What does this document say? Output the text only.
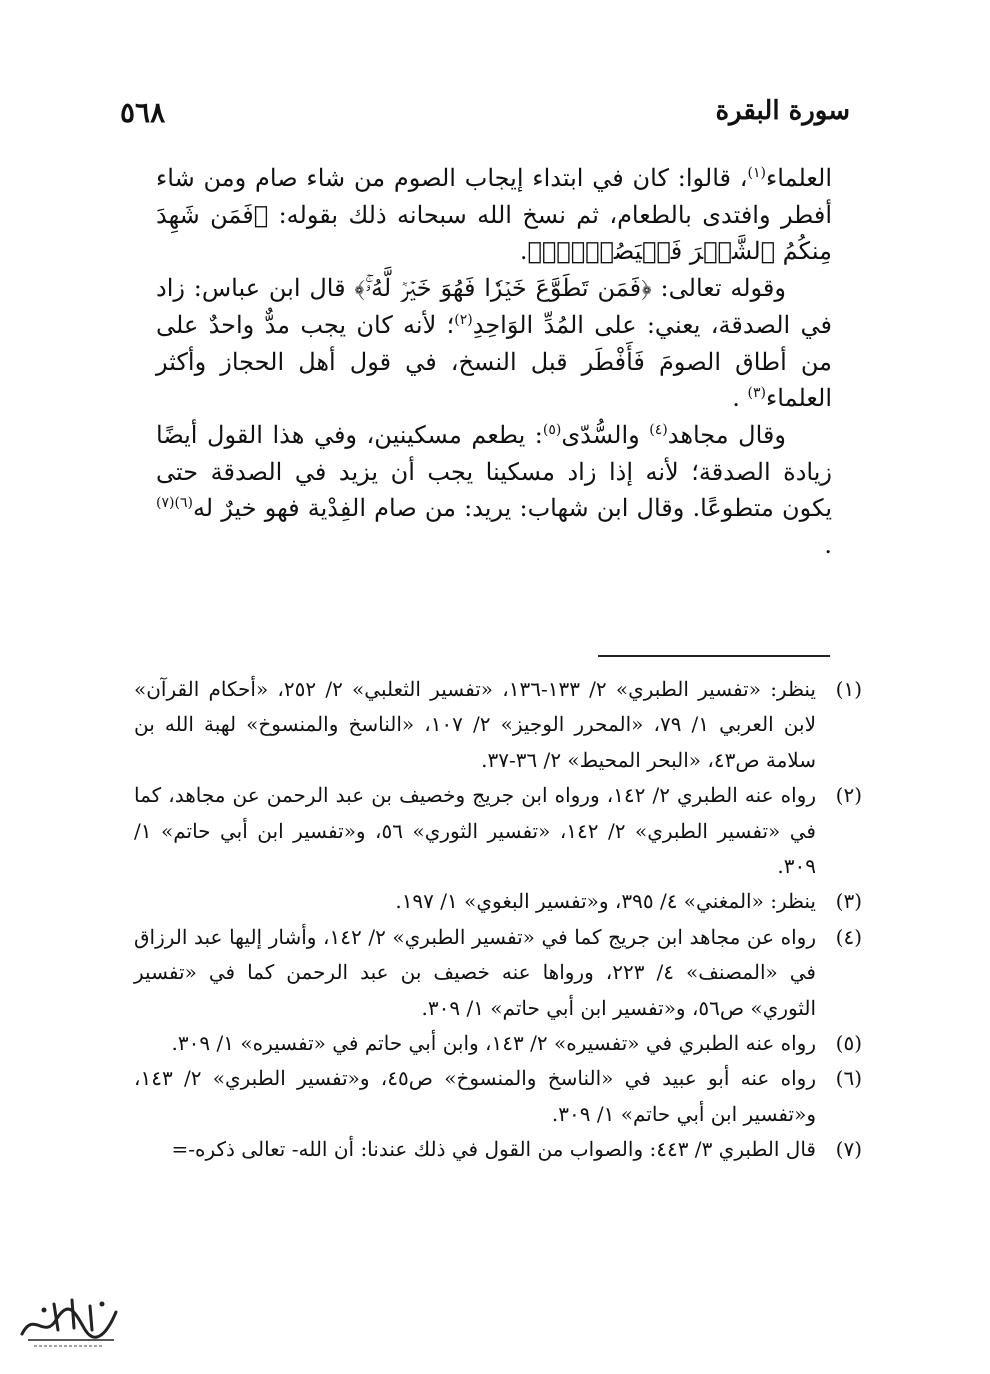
سورة البقرة
٥٦٨

العلماء$^{(١)}$، قالوا: كان في ابتداء إيجاب الصوم من شاء صام ومن شاء أفطر وافتدى بالطعام، ثم نسخ الله سبحانه ذلك بقوله: ﴿فَمَن شَهِدَ مِنكُمُ ٱلشَّهۡرَ فَلۡيَصُمۡهُۖ﴾.

وقوله تعالى: ﴿فَمَن تَطَوَّعَ خَيۡرٗا فَهُوَ خَيۡرٞ لَّهُۥۚ﴾ قال ابن عباس: زاد في الصدقة، يعني: على المُدِّ الوَاحِدِ$^{(٢)}$؛ لأنه كان يجب مدٌّ واحدٌ على من أطاق الصومَ فَأَفْطَر قبل النسخ، في قول أهل الحجاز وأكثر العلماء$^{(٣)}$ .

وقال مجاهد$^{(٤)}$ والسُّدّى$^{(٥)}$: يطعم مسكينين، وفي هذا القول أيضًا زيادة الصدقة؛ لأنه إذا زاد مسكينا يجب أن يزيد في الصدقة حتى يكون متطوعًا. وقال ابن شهاب: يريد: من صام الفِدْية فهو خيرٌ له$^{(٦)(٧)}$ .

(١)
ينظر: «تفسير الطبري» ٢/ ١٣٣-١٣٦، «تفسير الثعلبي» ٢/ ٢٥٢، «أحكام القرآن» لابن العربي ١/ ٧٩، «المحرر الوجيز» ٢/ ١٠٧، «الناسخ والمنسوخ» لهبة الله بن سلامة ص٤٣، «البحر المحيط» ٢/ ٣٦-٣٧.
(٢)
رواه عنه الطبري ٢/ ١٤٢، ورواه ابن جريج وخصيف بن عبد الرحمن عن مجاهد، كما في «تفسير الطبري» ٢/ ١٤٢، «تفسير الثوري» ٥٦، و«تفسير ابن أبي حاتم» ١/ ٣٠٩.
(٣)
ينظر: «المغني» ٤/ ٣٩٥، و«تفسير البغوي» ١/ ١٩٧.
(٤)
رواه عن مجاهد ابن جريج كما في «تفسير الطبري» ٢/ ١٤٢، وأشار إليها عبد الرزاق في «المصنف» ٤/ ٢٢٣، ورواها عنه خصيف بن عبد الرحمن كما في «تفسير الثوري» ص٥٦، و«تفسير ابن أبي حاتم» ١/ ٣٠٩.
(٥)
رواه عنه الطبري في «تفسيره» ٢/ ١٤٣، وابن أبي حاتم في «تفسيره» ١/ ٣٠٩.
(٦)
رواه عنه أبو عبيد في «الناسخ والمنسوخ» ص٤٥، و«تفسير الطبري» ٢/ ١٤٣، و«تفسير ابن أبي حاتم» ١/ ٣٠٩.
(٧)
قال الطبري ٣/ ٤٤٣: والصواب من القول في ذلك عندنا: أن الله- تعالى ذكره-=
